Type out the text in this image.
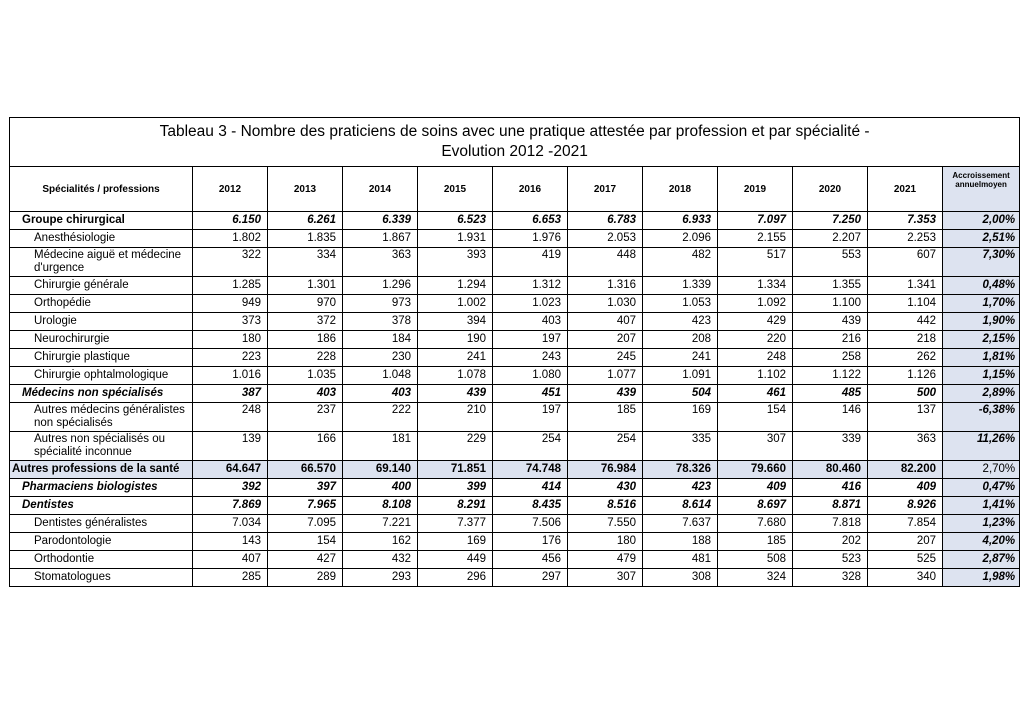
Tableau 3 - Nombre des praticiens de soins avec une pratique attestée par profession et par spécialité -
Evolution 2012 -2021											

Spécialités / professions	2012	2013	2014	2015	2016	2017	2018	2019	2020	2021	Accroissement annuelmoyen
Groupe chirurgical	6.150	6.261	6.339	6.523	6.653	6.783	6.933	7.097	7.250	7.353	2,00%
Anesthésiologie	1.802	1.835	1.867	1.931	1.976	2.053	2.096	2.155	2.207	2.253	2,51%
Médecine aiguë et médecine d'urgence	322	334	363	393	419	448	482	517	553	607	7,30%
Chirurgie générale	1.285	1.301	1.296	1.294	1.312	1.316	1.339	1.334	1.355	1.341	0,48%
Orthopédie	949	970	973	1.002	1.023	1.030	1.053	1.092	1.100	1.104	1,70%
Urologie	373	372	378	394	403	407	423	429	439	442	1,90%
Neurochirurgie	180	186	184	190	197	207	208	220	216	218	2,15%
Chirurgie plastique	223	228	230	241	243	245	241	248	258	262	1,81%
Chirurgie ophtalmologique	1.016	1.035	1.048	1.078	1.080	1.077	1.091	1.102	1.122	1.126	1,15%
Médecins non spécialisés	387	403	403	439	451	439	504	461	485	500	2,89%
Autres médecins généralistes non spécialisés	248	237	222	210	197	185	169	154	146	137	-6,38%
Autres non spécialisés ou spécialité inconnue	139	166	181	229	254	254	335	307	339	363	11,26%
Autres professions de la santé	64.647	66.570	69.140	71.851	74.748	76.984	78.326	79.660	80.460	82.200	2,70%
Pharmaciens biologistes	392	397	400	399	414	430	423	409	416	409	0,47%
Dentistes	7.869	7.965	8.108	8.291	8.435	8.516	8.614	8.697	8.871	8.926	1,41%
Dentistes généralistes	7.034	7.095	7.221	7.377	7.506	7.550	7.637	7.680	7.818	7.854	1,23%
Parodontologie	143	154	162	169	176	180	188	185	202	207	4,20%
Orthodontie	407	427	432	449	456	479	481	508	523	525	2,87%
Stomatologues	285	289	293	296	297	307	308	324	328	340	1,98%
